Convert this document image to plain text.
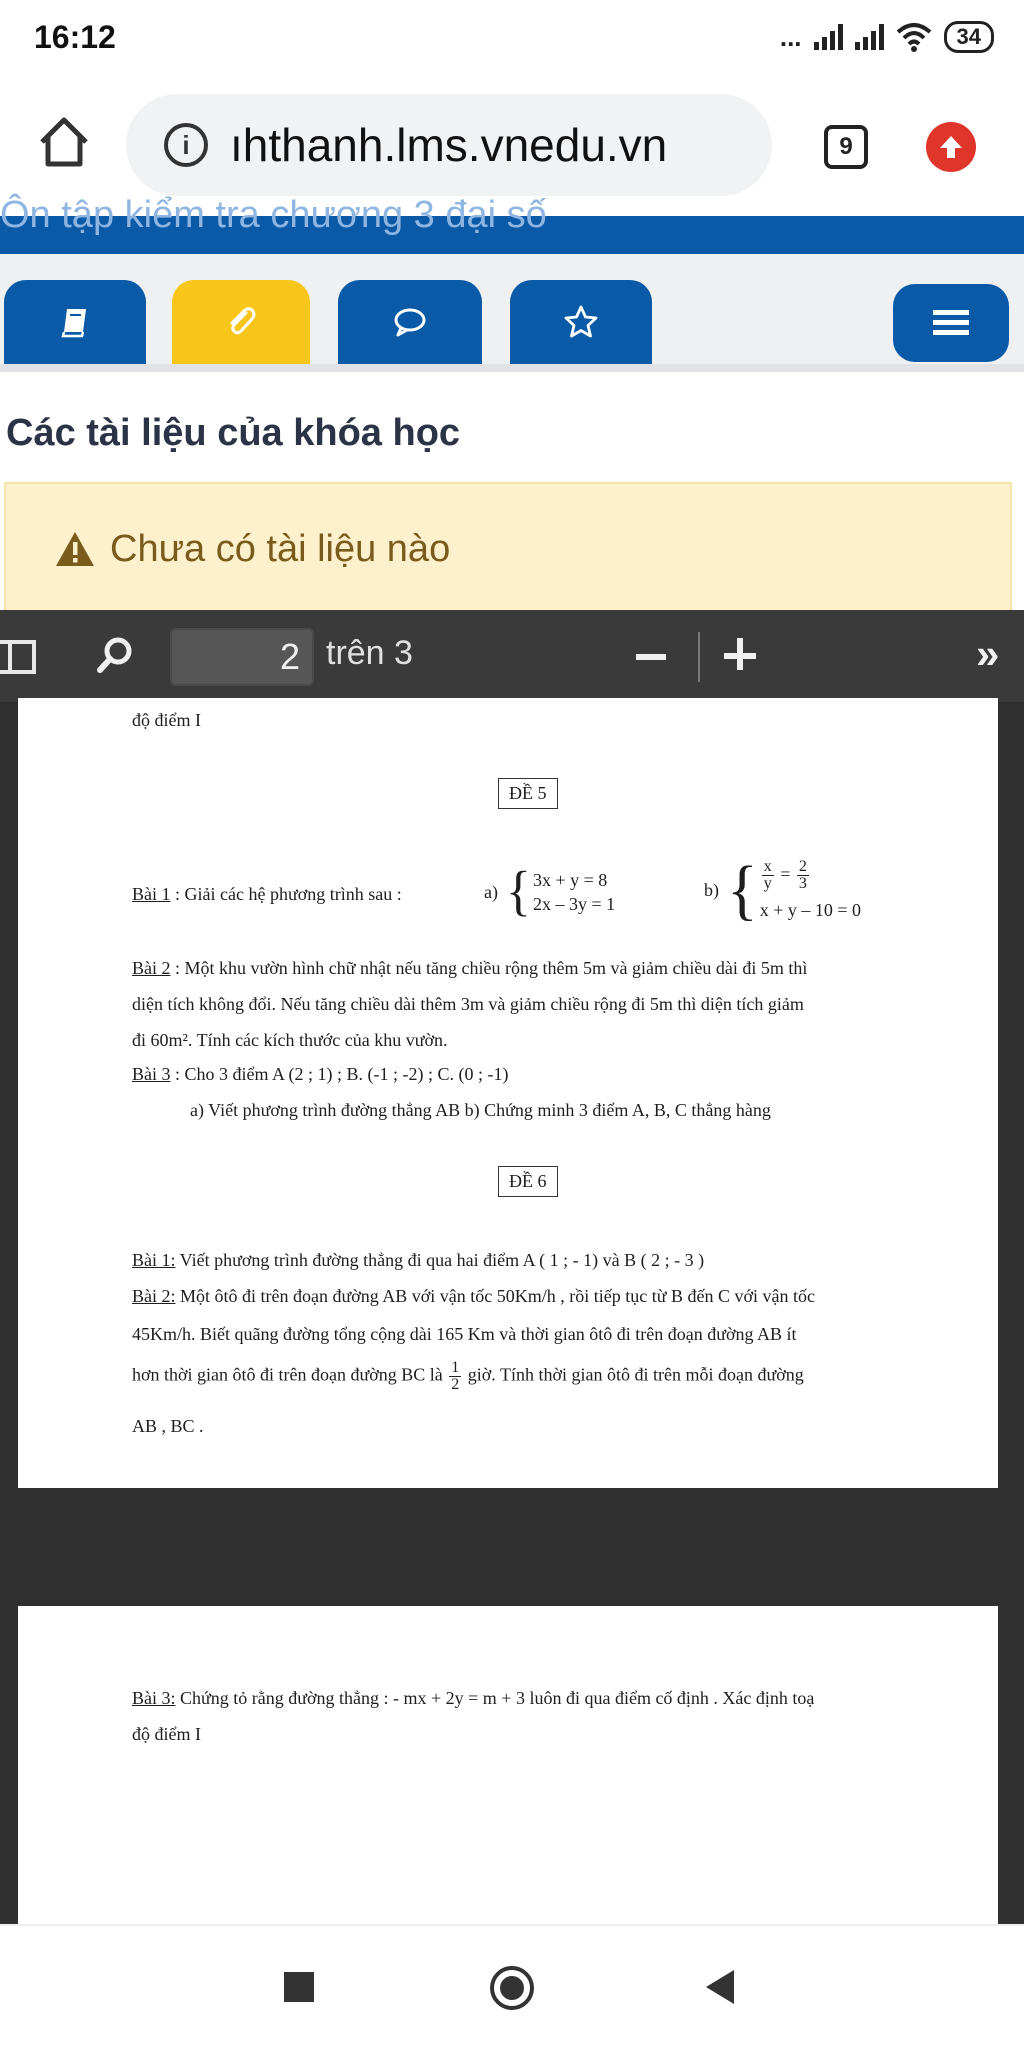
16:12	...	34
i ıhthanh.lms.vnedu.vn	9
Ôn tập kiểm tra chương 3 đại số
Các tài liệu của khóa học
Chưa có tài liệu nào
2 trên 3	»
độ điểm I
ĐỀ 5
Bài 1 : Giải các hệ phương trình sau :	a) { 3x + y = 8
2x – 3y = 1
b) { $\frac{x}{y} = \frac{2}{3}$
x + y – 10 = 0
Bài 2 : Một khu vườn hình chữ nhật nếu tăng chiều rộng thêm 5m và giảm chiều dài đi 5m thì
diện tích không đổi. Nếu tăng chiều dài thêm 3m và giảm chiều rộng đi 5m thì diện tích giảm
đi 60m². Tính các kích thước của khu vườn.
Bài 3 : Cho 3 điểm A (2 ; 1) ; B. (-1 ; -2) ; C. (0 ; -1)
a) Viết phương trình đường thẳng AB b) Chứng minh 3 điểm A, B, C thẳng hàng
ĐỀ 6
Bài 1: Viết phương trình đường thẳng đi qua hai điểm A ( 1 ; - 1) và B ( 2 ; - 3 )
Bài 2: Một ôtô đi trên đoạn đường AB với vận tốc 50Km/h , rồi tiếp tục từ B đến C với vận tốc
45Km/h. Biết quãng đường tổng cộng dài 165 Km và thời gian ôtô đi trên đoạn đường AB ít
hơn thời gian ôtô đi trên đoạn đường BC là $\frac{1}{2}$ giờ. Tính thời gian ôtô đi trên mỗi đoạn đường
AB , BC .
Bài 3: Chứng tỏ rằng đường thẳng : - mx + 2y = m + 3 luôn đi qua điểm cố định . Xác định toạ
độ điểm I
